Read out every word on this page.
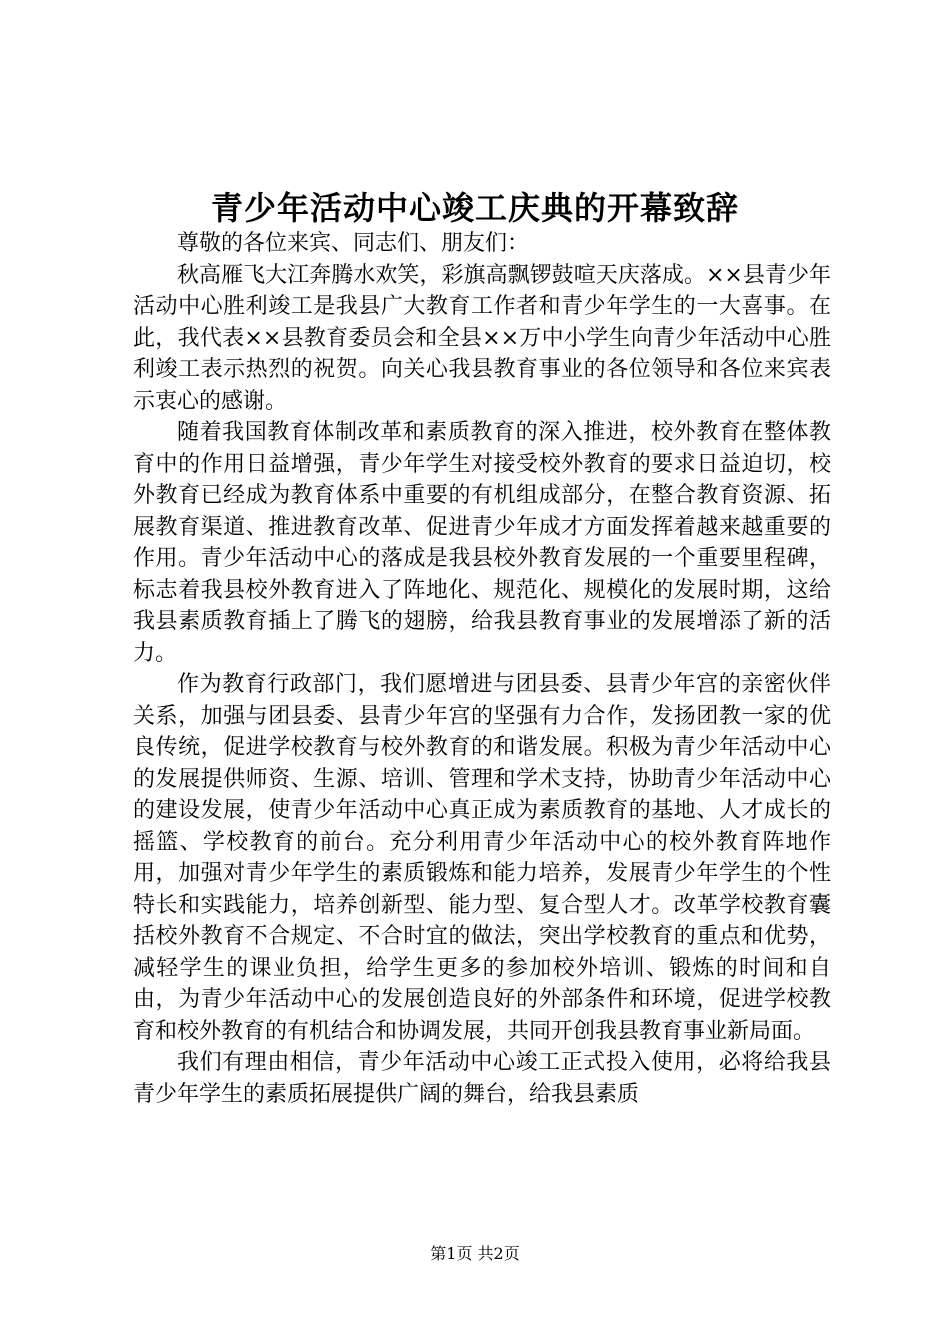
青少年活动中心竣工庆典的开幕致辞

尊敬的各位来宾、同志们、朋友们：

秋高雁飞大江奔腾水欢笑，彩旗高飘锣鼓喧天庆落成。××县青少年活动中心胜利竣工是我县广大教育工作者和青少年学生的一大喜事。在此，我代表××县教育委员会和全县××万中小学生向青少年活动中心胜利竣工表示热烈的祝贺。向关心我县教育事业的各位领导和各位来宾表示衷心的感谢。

随着我国教育体制改革和素质教育的深入推进，校外教育在整体教育中的作用日益增强，青少年学生对接受校外教育的要求日益迫切，校外教育已经成为教育体系中重要的有机组成部分，在整合教育资源、拓展教育渠道、推进教育改革、促进青少年成才方面发挥着越来越重要的作用。青少年活动中心的落成是我县校外教育发展的一个重要里程碑，标志着我县校外教育进入了阵地化、规范化、规模化的发展时期，这给我县素质教育插上了腾飞的翅膀，给我县教育事业的发展增添了新的活力。

作为教育行政部门，我们愿增进与团县委、县青少年宫的亲密伙伴关系，加强与团县委、县青少年宫的坚强有力合作，发扬团教一家的优良传统，促进学校教育与校外教育的和谐发展。积极为青少年活动中心的发展提供师资、生源、培训、管理和学术支持，协助青少年活动中心的建设发展，使青少年活动中心真正成为素质教育的基地、人才成长的摇篮、学校教育的前台。充分利用青少年活动中心的校外教育阵地作用，加强对青少年学生的素质锻炼和能力培养，发展青少年学生的个性特长和实践能力，培养创新型、能力型、复合型人才。改革学校教育囊括校外教育不合规定、不合时宜的做法，突出学校教育的重点和优势，减轻学生的课业负担，给学生更多的参加校外培训、锻炼的时间和自由，为青少年活动中心的发展创造良好的外部条件和环境，促进学校教育和校外教育的有机结合和协调发展，共同开创我县教育事业新局面。

我们有理由相信，青少年活动中心竣工正式投入使用，必将给我县青少年学生的素质拓展提供广阔的舞台，给我县素质

第1页 共2页
